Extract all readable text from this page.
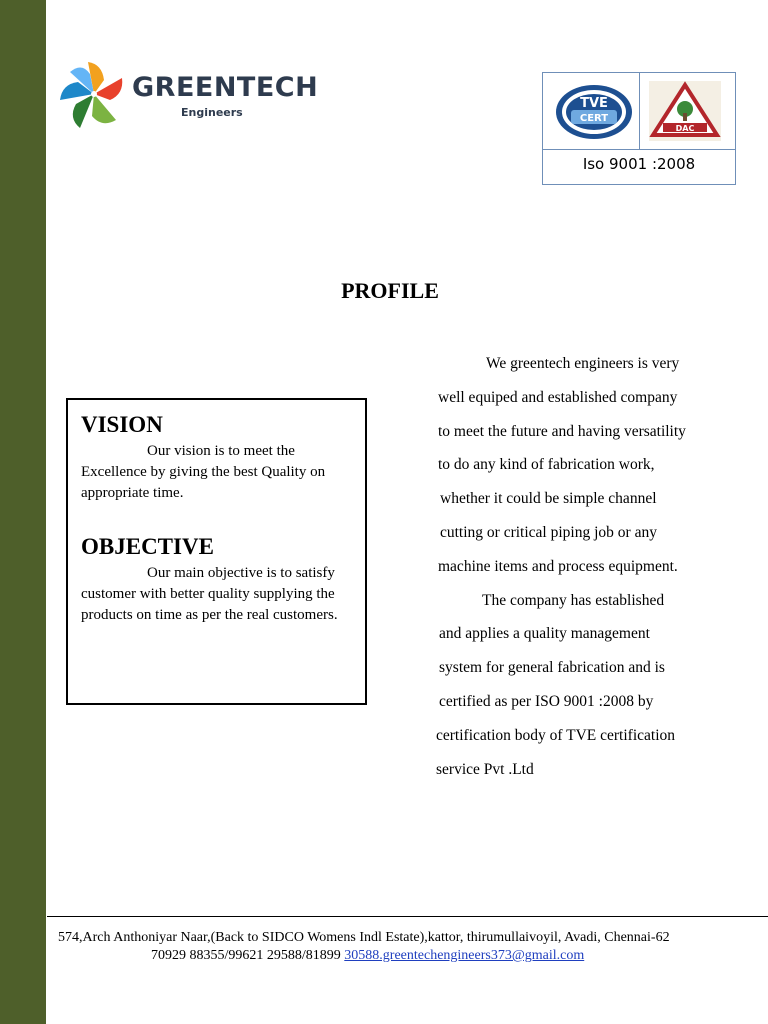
GREENTECH
Engineers
TVE
CERT
DAC
Iso 9001 :2008
PROFILE
VISION
Our vision is to meet the Excellence by giving the best Quality on appropriate time.
OBJECTIVE
Our main objective is to satisfy customer with better quality supplying the products on time as per the real customers.
We greentech engineers is very
well equiped and established company
to meet the future and having versatility
to do any kind of fabrication work,
whether it could be simple channel
cutting or critical piping job or any
machine items and process equipment.
The company has established
and applies a quality management
system for general fabrication and is
certified as per ISO 9001 :2008 by
certification body of TVE certification
service Pvt .Ltd
574,Arch Anthoniyar Naar,(Back to SIDCO Womens Indl Estate),kattor, thirumullaivoyil, Avadi, Chennai-62
70929 88355/99621 29588/81899 30588.greentechengineers373@gmail.com
